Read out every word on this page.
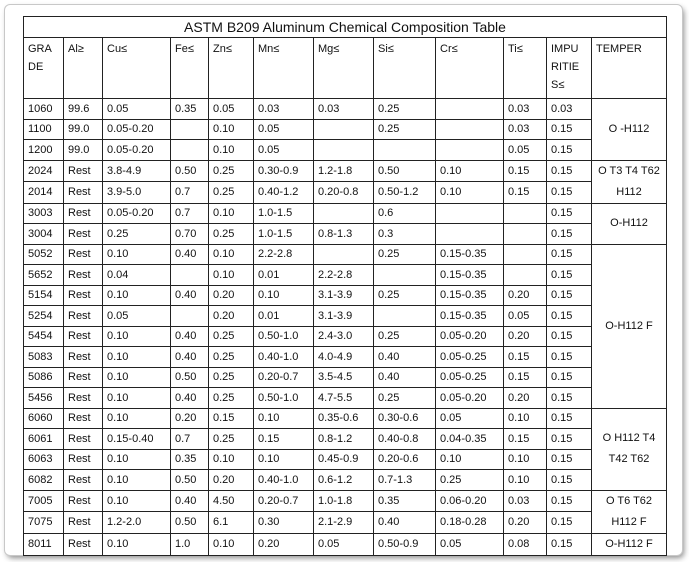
ASTM B209 Aluminum Chemical Composition Table
GRA DE	Al≥	Cu≤	Fe≤	Zn≤	Mn≤	Mg≤	Si≤	Cr≤	Ti≤	IMPU RITIE S≤	TEMPER
1060	99.6	0.05	0.35	0.05	0.03	0.03	0.25		0.03	0.03	O -H112
1100	99.0	0.05-0.20		0.10	0.05		0.25		0.03	0.15	
1200	99.0	0.05-0.20		0.10	0.05				0.05	0.15	
2024	Rest	3.8-4.9	0.50	0.25	0.30-0.9	1.2-1.8	0.50	0.10	0.15	0.15	O T3 T4 T62 H112
2014	Rest	3.9-5.0	0.7	0.25	0.40-1.2	0.20-0.8	0.50-1.2	0.10	0.15	0.15	
3003	Rest	0.05-0.20	0.7	0.10	1.0-1.5		0.6			0.15	O-H112
3004	Rest	0.25	0.70	0.25	1.0-1.5	0.8-1.3	0.3			0.15	
5052	Rest	0.10	0.40	0.10	2.2-2.8		0.25	0.15-0.35		0.15	O-H112 F
5652	Rest	0.04		0.10	0.01	2.2-2.8		0.15-0.35		0.15	
5154	Rest	0.10	0.40	0.20	0.10	3.1-3.9	0.25	0.15-0.35	0.20	0.15	
5254	Rest	0.05		0.20	0.01	3.1-3.9		0.15-0.35	0.05	0.15	
5454	Rest	0.10	0.40	0.25	0.50-1.0	2.4-3.0	0.25	0.05-0.20	0.20	0.15	
5083	Rest	0.10	0.40	0.25	0.40-1.0	4.0-4.9	0.40	0.05-0.25	0.15	0.15	
5086	Rest	0.10	0.50	0.25	0.20-0.7	3.5-4.5	0.40	0.05-0.25	0.15	0.15	
5456	Rest	0.10	0.40	0.25	0.50-1.0	4.7-5.5	0.25	0.05-0.20	0.20	0.15	
6060	Rest	0.10	0.20	0.15	0.10	0.35-0.6	0.30-0.6	0.05	0.10	0.15	O H112 T4 T42 T62
6061	Rest	0.15-0.40	0.7	0.25	0.15	0.8-1.2	0.40-0.8	0.04-0.35	0.15	0.15	
6063	Rest	0.10	0.35	0.10	0.10	0.45-0.9	0.20-0.6	0.10	0.10	0.15	
6082	Rest	0.10	0.50	0.20	0.40-1.0	0.6-1.2	0.7-1.3	0.25	0.10	0.15	
7005	Rest	0.10	0.40	4.50	0.20-0.7	1.0-1.8	0.35	0.06-0.20	0.03	0.15	O T6 T62 H112 F
7075	Rest	1.2-2.0	0.50	6.1	0.30	2.1-2.9	0.40	0.18-0.28	0.20	0.15	
8011	Rest	0.10	1.0	0.10	0.20	0.05	0.50-0.9	0.05	0.08	0.15	O-H112 F
